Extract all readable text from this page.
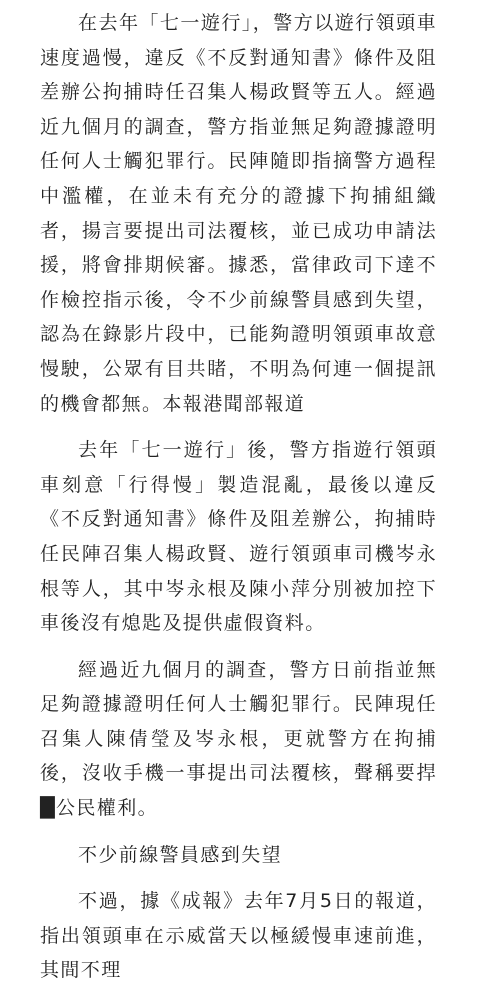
在去年「七一遊行」，警方以遊行領頭車速度過慢，違反《不反對通知書》條件及阻差辦公拘捕時任召集人楊政賢等五人。經過近九個月的調查，警方指並無足夠證據證明任何人士觸犯罪行。民陣隨即指摘警方過程中濫權，在並未有充分的證據下拘捕組織者，揚言要提出司法覆核，並已成功申請法援，將會排期候審。據悉，當律政司下達不作檢控指示後，令不少前線警員感到失望，認為在錄影片段中，已能夠證明領頭車故意慢駛，公眾有目共睹，不明為何連一個提訊的機會都無。本報港聞部報道

去年「七一遊行」後，警方指遊行領頭車刻意「行得慢」製造混亂，最後以違反《不反對通知書》條件及阻差辦公，拘捕時任民陣召集人楊政賢、遊行領頭車司機岑永根等人，其中岑永根及陳小萍分別被加控下車後沒有熄匙及提供虛假資料。

經過近九個月的調查，警方日前指並無足夠證據證明任何人士觸犯罪行。民陣現任召集人陳倩瑩及岑永根，更就警方在拘捕後，沒收手機一事提出司法覆核，聲稱要捍█公民權利。

不少前線警員感到失望

不過，據《成報》去年7月5日的報道，指出領頭車在示威當天以極緩慢車速前進，其間不理
